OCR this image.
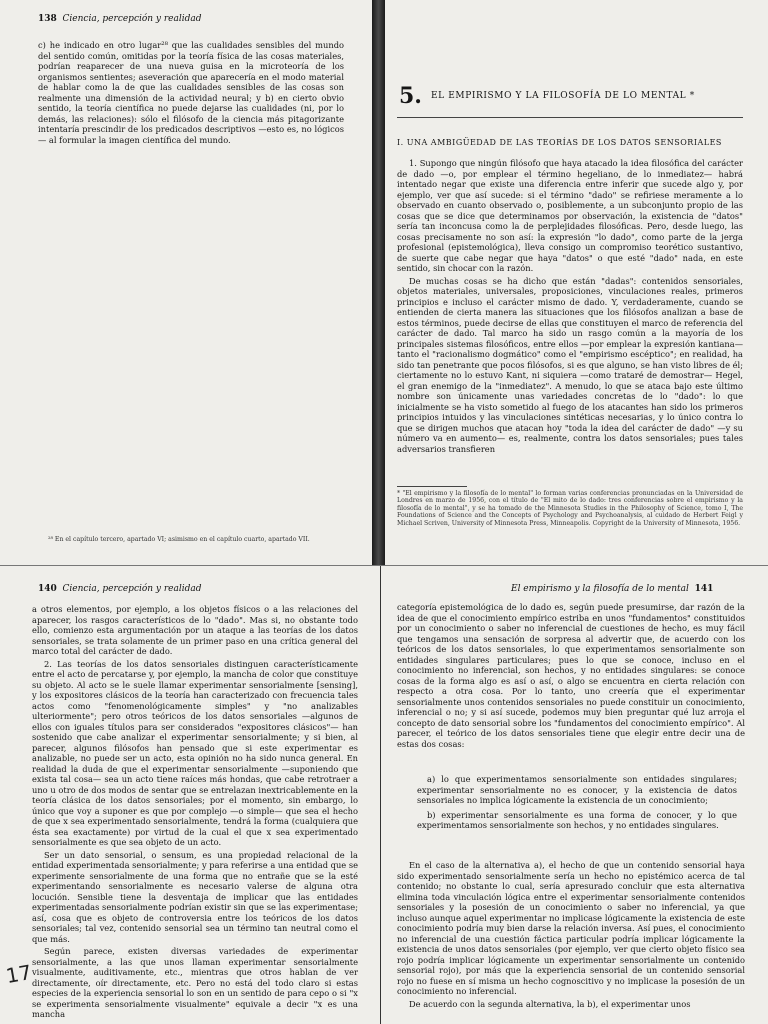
138 Ciencia, percepción y realidad

c) he indicado en otro lugar²⁸ que las cualidades sensibles del mundo del sentido común, omitidas por la teoría física de las cosas materiales, podrían reaparecer de una nueva guisa en la microteoría de los organismos sentientes; aseveración que aparecería en el modo material de hablar como la de que las cualidades sensibles de las cosas son realmente una dimensión de la actividad neural; y b) en cierto obvio sentido, la teoría científica no puede dejarse las cualidades (ni, por lo demás, las relaciones): sólo el filósofo de la ciencia más pitagorizante intentaría prescindir de los predicados descriptivos —esto es, no lógicos— al formular la imagen científica del mundo.

²⁸ En el capítulo tercero, apartado VI; asimismo en el capítulo cuarto, apartado VII.
5. EL EMPIRISMO Y LA FILOSOFÍA DE LO MENTAL *
I. UNA AMBIGÜEDAD DE LAS TEORÍAS DE LOS DATOS SENSORIALES

1. Supongo que ningún filósofo que haya atacado la idea filosófica del carácter de dado —o, por emplear el término hegeliano, de lo inmediatez— habrá intentado negar que existe una diferencia entre inferir que sucede algo y, por ejemplo, ver que así sucede: si el término "dado" se refiriese meramente a lo observado en cuanto observado o, posiblemente, a un subconjunto propio de las cosas que se dice que determinamos por observación, la existencia de "datos" sería tan inconcusa como la de perplejidades filosóficas. Pero, desde luego, las cosas precisamente no son así: la expresión "lo dado", como parte de la jerga profesional (epistemológica), lleva consigo un compromiso teorético sustantivo, de suerte que cabe negar que haya "datos" o que esté "dado" nada, en este sentido, sin chocar con la razón.

De muchas cosas se ha dicho que están "dadas": contenidos sensoriales, objetos materiales, universales, proposiciones, vinculaciones reales, primeros principios e incluso el carácter mismo de dado. Y, verdaderamente, cuando se entienden de cierta manera las situaciones que los filósofos analizan a base de estos términos, puede decirse de ellas que constituyen el marco de referencia del carácter de dado. Tal marco ha sido un rasgo común a la mayoría de los principales sistemas filosóficos, entre ellos —por emplear la expresión kantiana— tanto el "racionalismo dogmático" como el "empirismo escéptico"; en realidad, ha sido tan penetrante que pocos filósofos, si es que alguno, se han visto libres de él; ciertamente no lo estuvo Kant, ni siquiera —como trataré de demostrar— Hegel, el gran enemigo de la "inmediatez". A menudo, lo que se ataca bajo este último nombre son únicamente unas variedades concretas de lo "dado": lo que inicialmente se ha visto sometido al fuego de los atacantes han sido los primeros principios intuidos y las vinculaciones sintéticas necesarias, y lo único contra lo que se dirigen muchos que atacan hoy "toda la idea del carácter de dado" —y su número va en aumento— es, realmente, contra los datos sensoriales; pues tales adversarios transfieren

* "El empirismo y la filosofía de lo mental" lo forman varias conferencias pronunciadas en la Universidad de Londres en marzo de 1956, con el título de "El mito de lo dado: tres conferencias sobre el empirismo y la filosofía de lo mental", y se ha tomado de the Minnesota Studies in the Philosophy of Science, tomo I, The Foundations of Science and the Concepts of Psychology and Psychoanalysis, al cuidado de Herbert Feigl y Michael Scriven, University of Minnesota Press, Minneapolis. Copyright de la University of Minnesota, 1956.
140 Ciencia, percepción y realidad

a otros elementos, por ejemplo, a los objetos físicos o a las relaciones del aparecer, los rasgos característicos de lo "dado". Mas si, no obstante todo ello, comienzo esta argumentación por un ataque a las teorías de los datos sensoriales, se trata solamente de un primer paso en una crítica general del marco total del carácter de dado.

2. Las teorías de los datos sensoriales distinguen característicamente entre el acto de percatarse y, por ejemplo, la mancha de color que constituye su objeto. Al acto se le suele llamar experimentar sensorialmente [sensing], y los expositores clásicos de la teoría han caracterizado con frecuencia tales actos como "fenomenológicamente simples" y "no analizables ulteriormente"; pero otros teóricos de los datos sensoriales —algunos de ellos con iguales títulos para ser considerados "expositores clásicos"— han sostenido que cabe analizar el experimentar sensorialmente; y si bien, al parecer, algunos filósofos han pensado que si este experimentar es analizable, no puede ser un acto, esta opinión no ha sido nunca general. En realidad la duda de que el experimentar sensorialmente —suponiendo que exista tal cosa— sea un acto tiene raíces más hondas, que cabe retrotraer a uno u otro de dos modos de sentar que se entrelazan inextricablemente en la teoría clásica de los datos sensoriales; por el momento, sin embargo, lo único que voy a suponer es que por complejo —o simple— que sea el hecho de que x sea experimentado sensorialmente, tendrá la forma (cualquiera que ésta sea exactamente) por virtud de la cual el que x sea experimentado sensorialmente es que sea objeto de un acto.

Ser un dato sensorial, o sensum, es una propiedad relacional de la entidad experimentada sensorialmente; y para referirse a una entidad que se experimente sensorialmente de una forma que no entrañe que se la esté experimentando sensorialmente es necesario valerse de alguna otra locución. Sensible tiene la desventaja de implicar que las entidades experimentadas sensorialmente podrían existir sin que se las experimentase; así, cosa que es objeto de controversia entre los teóricos de los datos sensoriales; tal vez, contenido sensorial sea un término tan neutral como el que más.

Según parece, existen diversas variedades de experimentar sensorialmente, a las que unos llaman experimentar sensorialmente visualmente, auditivamente, etc., mientras que otros hablan de ver directamente, oír directamente, etc. Pero no está del todo claro si estas especies de la experiencia sensorial lo son en un sentido de para cepo o si "x se experimenta sensorialmente visualmente" equivale a decir "x es una mancha

17
El empirismo y la filosofía de lo mental 141

categoría epistemológica de lo dado es, según puede presumirse, dar razón de la idea de que el conocimiento empírico estriba en unos "fundamentos" constituidos por un conocimiento o saber no inferencial de cuestiones de hecho, es muy fácil que tengamos una sensación de sorpresa al advertir que, de acuerdo con los teóricos de los datos sensoriales, lo que experimentamos sensorialmente son entidades singulares particulares; pues lo que se conoce, incluso en el conocimiento no inferencial, son hechos, y no entidades singulares: se conoce cosas de la forma algo es así o así, o algo se encuentra en cierta relación con respecto a otra cosa. Por lo tanto, uno creería que el experimentar sensorialmente unos contenidos sensoriales no puede constituir un conocimiento, inferencial o no; y si así sucede, podemos muy bien preguntar qué luz arroja el concepto de dato sensorial sobre los "fundamentos del conocimiento empírico". Al parecer, el teórico de los datos sensoriales tiene que elegir entre decir una de estas dos cosas:

a) lo que experimentamos sensorialmente son entidades singulares; experimentar sensorialmente no es conocer, y la existencia de datos sensoriales no implica lógicamente la existencia de un conocimiento;

b) experimentar sensorialmente es una forma de conocer, y lo que experimentamos sensorialmente son hechos, y no entidades singulares.

En el caso de la alternativa a), el hecho de que un contenido sensorial haya sido experimentado sensorialmente sería un hecho no epistémico acerca de tal contenido; no obstante lo cual, sería apresurado concluir que esta alternativa elimina toda vinculación lógica entre el experimentar sensorialmente contenidos sensoriales y la posesión de un conocimiento o saber no inferencial, ya que incluso aunque aquel experimentar no implicase lógicamente la existencia de este conocimiento podría muy bien darse la relación inversa. Así pues, el conocimiento no inferencial de una cuestión fáctica particular podría implicar lógicamente la existencia de unos datos sensoriales (por ejemplo, ver que cierto objeto físico sea rojo podría implicar lógicamente un experimentar sensorialmente un contenido sensorial rojo), por más que la experiencia sensorial de un contenido sensorial rojo no fuese en sí misma un hecho cognoscitivo y no implicase la posesión de un conocimiento no inferencial.

De acuerdo con la segunda alternativa, la b), el experimentar unos
